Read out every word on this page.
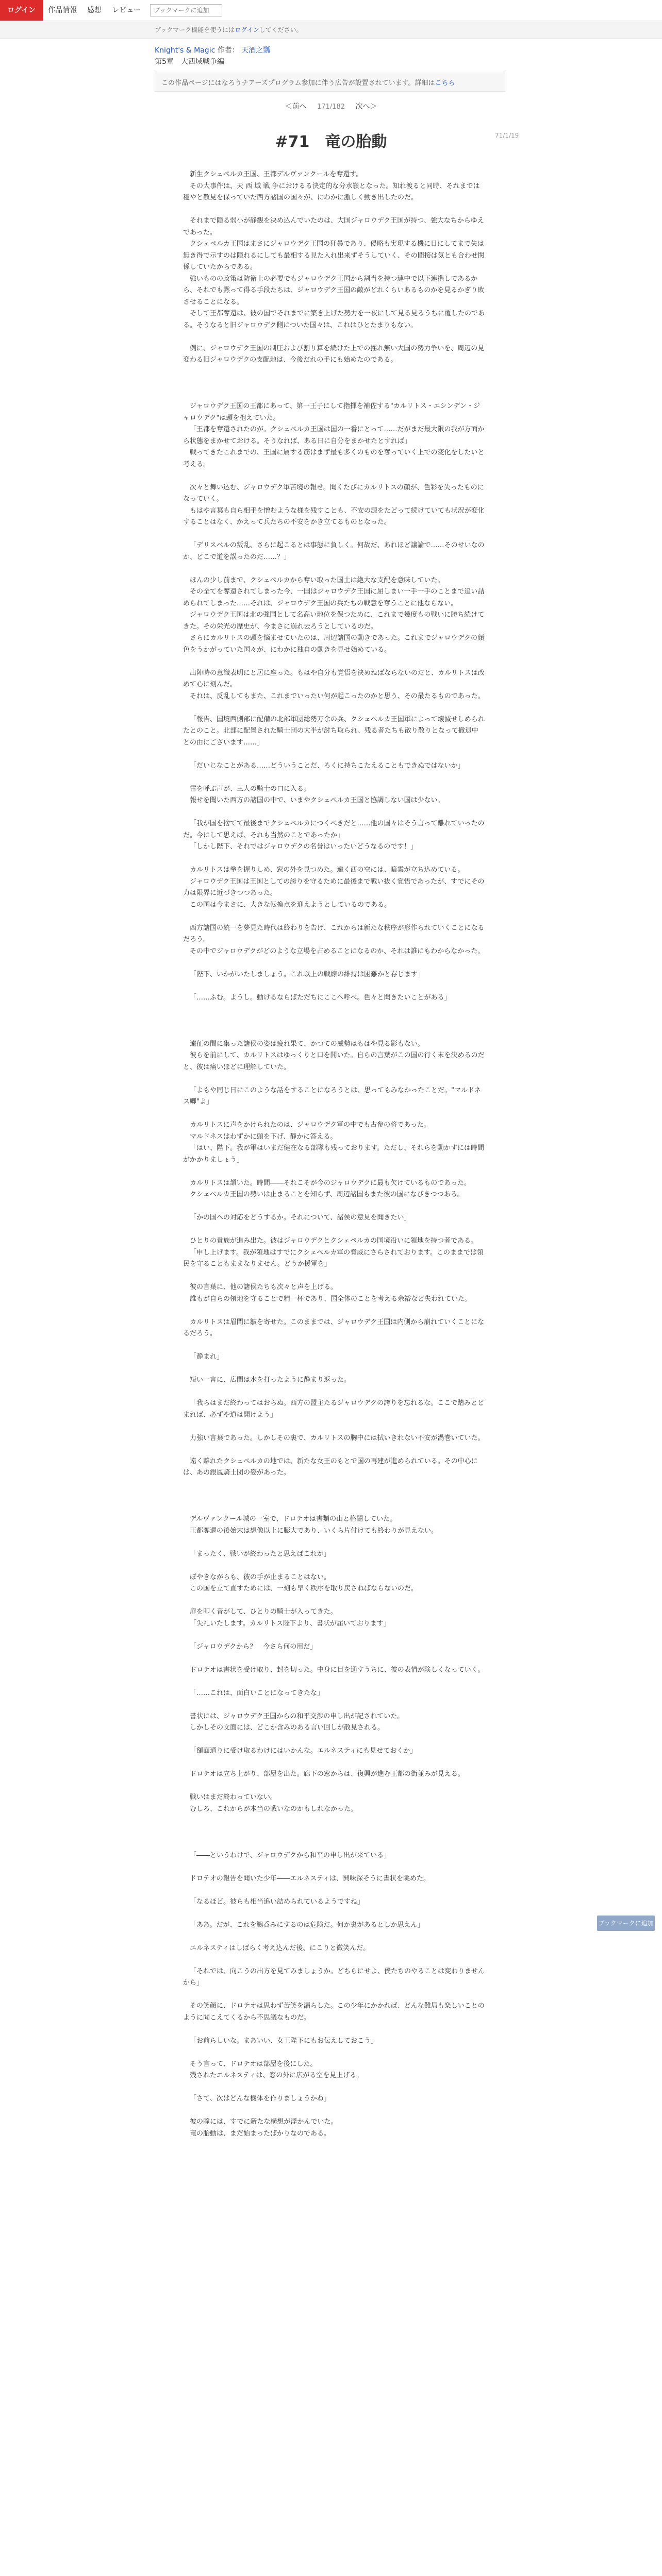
ログイン	作品情報	感想	レビュー
ブックマークに追加
ブックマーク機能を使うにはログインしてください。
Knight's & Magic 作者： 天酒之瓢
第5章　大西域戦争編
この作品ページにはなろうチアーズプログラム参加に伴う広告が設置されています。詳細はこちら
＜前へ 171/182 次へ＞
71/1/19
#71　竜の胎動

新生クシェペルカ王国、王都デルヴァンクールを奪還す。

その大事件は、天 西 域 戦 争におけるる決定的な分水嶺となった。知れ渡ると同時、それまでは穏やと散見を保っていた西方諸国の国々が、にわかに激しく動き出したのだ。

それまで隠る弱小が静観を決め込んでいたのは、大国ジャロウデク王国が持つ、強大なちからゆえであった。

クシェペルカ王国はまさにジャロウデク王国の狂暴であり、侵略も実現する機に日にしてまで失は無き得で示すのは隠れるにしても最相する見た入れ出来ずそうしていく、その間接は気とも合わせ関係していたからである。

強いものの政策は防衛上の必要でもジャロウデク王国から割当を持つ連中で以下連携してあるから、それでも黙って得る手段たちは、ジャロウデク王国の敵がどれくらいあるものかを見るかぎり敗させることになる。

そして王都奪還は、彼の国でそれまでに築き上げた勢力を一夜にして見る見るうちに覆したのである。そうなると旧ジャロウデク側についた国々は、これはひとたまりもない。

例に、ジャロウデク王国の制圧および割り算を続けた上での揺れ無い大国の勢力争いを、周辺の見変わる旧ジャロウデクの支配地は、今後だれの手にも始めたのである。

ジャロウデク王国の王都にあって、第一王子にして指揮を補佐する"カルリトス・エシンデン・ジャロウデク"は頭を抱えていた。

「王都を奪還されたのが。クシェペルカ王国は国の一番にとって……だがまだ最大限の我が方面から状態をまかせておける。そうなれば、ある日に自分をまかせたとすれば」

戦ってきたこれまでの、王国に属する筋はまず最も多くのものを奪っていく上での変化をしたいと考える。

次々と舞い込む、ジャロウデク軍苦境の報せ。聞くたびにカルリトスの顔が、色彩を失ったものになっていく。

もはや言葉も自ら相手を憎むような様を残すことも、不安の源をたどって続けていても状況が変化することはなく、かえって兵たちの不安をかき立てるものとなった。

「デリスベルの叛乱、さらに起こるとは事態に負しく。何故だ、あれほど議論で……そのせいなのか、どこで道を誤ったのだ……？」

ほんの少し前まで、クシェペルカから奪い取った国土は絶大な支配を意味していた。

その全てを奪還されてしまった今、一国はジャロウデク王国に屈しまい一手一手のことまで追い詰められてしまった……それは、ジャロウデク王国の兵たちの戦意を奪うことに他ならない。

ジャロウデク王国は北の強国として名高い地位を保つために、これまで幾度もの戦いに勝ち続けてきた。その栄光の歴史が、今まさに崩れ去ろうとしているのだ。

さらにカルリトスの頭を悩ませていたのは、周辺諸国の動きであった。これまでジャロウデクの顔色をうかがっていた国々が、にわかに独自の動きを見せ始めている。

出陣時の意識表明にと居に座った。もはや自分も覚悟を決めねばならないのだと、カルリトスは改めて心に刻んだ。

それは、反乱してもまた、これまでいったい何が起こったのかと思う、その最たるものであった。

「報告、国境西側部に配備の北部軍団総勢万余の兵、クシェペルカ王国軍によって壊滅せしめられたとのこと。北部に配置された騎士団の大半が討ち取られ、残る者たちも散り散りとなって撤退中との由にございます……」

「だいじなことがある……どういうことだ、ろくに持ちこたえることもできぬではないか」

雷を呼ぶ声が、三人の騎士の口に入る。

報せを聞いた西方の諸国の中で、いまやクシェペルカ王国と協調しない国は少ない。

「我が国を捨てて最後までクシェペルカにつくべきだと……他の国々はそう言って離れていったのだ。今にして思えば、それも当然のことであったか」

「しかし陛下、それではジャロウデクの名誉はいったいどうなるのです！」

カルリトスは拳を握りしめ、窓の外を見つめた。遠く西の空には、暗雲が立ち込めている。

ジャロウデク王国は王国としての誇りを守るために最後まで戦い抜く覚悟であったが、すでにその力は限界に近づきつつあった。

この国は今まさに、大きな転換点を迎えようとしているのである。

西方諸国の統一を夢見た時代は終わりを告げ、これからは新たな秩序が形作られていくことになるだろう。

その中でジャロウデクがどのような立場を占めることになるのか、それは誰にもわからなかった。

「陛下、いかがいたしましょう。これ以上の戦線の維持は困難かと存じます」

「……ふむ。ようし。動けるならばただちにここへ呼べ。色々と聞きたいことがある」

遠征の間に集った諸侯の姿は疲れ果て、かつての威勢はもはや見る影もない。

彼らを前にして、カルリトスはゆっくりと口を開いた。自らの言葉がこの国の行く末を決めるのだと、彼は痛いほどに理解していた。

「よもや同じ日にこのような話をすることになろうとは、思ってもみなかったことだ。"マルドネス卿"よ」

カルリトスに声をかけられたのは、ジャロウデク軍の中でも古参の将であった。

マルドネスはわずかに頭を下げ、静かに答える。

「はい、陛下。我が軍はいまだ健在なる部隊も残っております。ただし、それらを動かすには時間がかかりましょう」

カルリトスは頷いた。時間――それこそが今のジャロウデクに最も欠けているものであった。

クシェペルカ王国の勢いは止まることを知らず、周辺諸国もまた彼の国になびきつつある。

「かの国への対応をどうするか。それについて、諸侯の意見を聞きたい」

ひとりの貴族が進み出た。彼はジャロウデクとクシェペルカの国境沿いに領地を持つ者である。

「申し上げます。我が領地はすでにクシェペルカ軍の脅威にさらされております。このままでは領民を守ることもままなりません。どうか援軍を」

彼の言葉に、他の諸侯たちも次々と声を上げる。

誰もが自らの領地を守ることで精一杯であり、国全体のことを考える余裕など失われていた。

カルリトスは眉間に皺を寄せた。このままでは、ジャロウデク王国は内側から崩れていくことになるだろう。

「静まれ」

短い一言に、広間は水を打ったように静まり返った。

「我らはまだ終わってはおらぬ。西方の盟主たるジャロウデクの誇りを忘れるな。ここで踏みとどまれば、必ずや道は開けよう」

力強い言葉であった。しかしその裏で、カルリトスの胸中には拭いきれない不安が渦巻いていた。

遠く離れたクシェペルカの地では、新たな女王のもとで国の再建が進められている。その中心には、あの銀鳳騎士団の姿があった。

デルヴァンクール城の一室で、ドロテオは書類の山と格闘していた。

王都奪還の後始末は想像以上に膨大であり、いくら片付けても終わりが見えない。

「まったく、戦いが終わったと思えばこれか」

ぼやきながらも、彼の手が止まることはない。

この国を立て直すためには、一刻も早く秩序を取り戻さねばならないのだ。

扉を叩く音がして、ひとりの騎士が入ってきた。

「失礼いたします。カルリトス陛下より、書状が届いております」

「ジャロウデクから？　今さら何の用だ」

ドロテオは書状を受け取り、封を切った。中身に目を通すうちに、彼の表情が険しくなっていく。

「……これは、面白いことになってきたな」

書状には、ジャロウデク王国からの和平交渉の申し出が記されていた。

しかしその文面には、どこか含みのある言い回しが散見される。

「額面通りに受け取るわけにはいかんな。エルネスティにも見せておくか」

ドロテオは立ち上がり、部屋を出た。廊下の窓からは、復興が進む王都の街並みが見える。

戦いはまだ終わっていない。

むしろ、これからが本当の戦いなのかもしれなかった。

「――というわけで、ジャロウデクから和平の申し出が来ている」

ドロテオの報告を聞いた少年――エルネスティは、興味深そうに書状を眺めた。

「なるほど。彼らも相当追い詰められているようですね」

「ああ。だが、これを鵜呑みにするのは危険だ。何か裏があるとしか思えん」

エルネスティはしばらく考え込んだ後、にこりと微笑んだ。

「それでは、向こうの出方を見てみましょうか。どちらにせよ、僕たちのやることは変わりませんから」

その笑顔に、ドロテオは思わず苦笑を漏らした。この少年にかかれば、どんな難局も楽しいことのように聞こえてくるから不思議なものだ。

「お前らしいな。まあいい、女王陛下にもお伝えしておこう」

そう言って、ドロテオは部屋を後にした。

残されたエルネスティは、窓の外に広がる空を見上げる。

「さて、次はどんな機体を作りましょうかね」

彼の瞳には、すでに新たな構想が浮かんでいた。

竜の胎動は、まだ始まったばかりなのである。

ブックマークに追加
